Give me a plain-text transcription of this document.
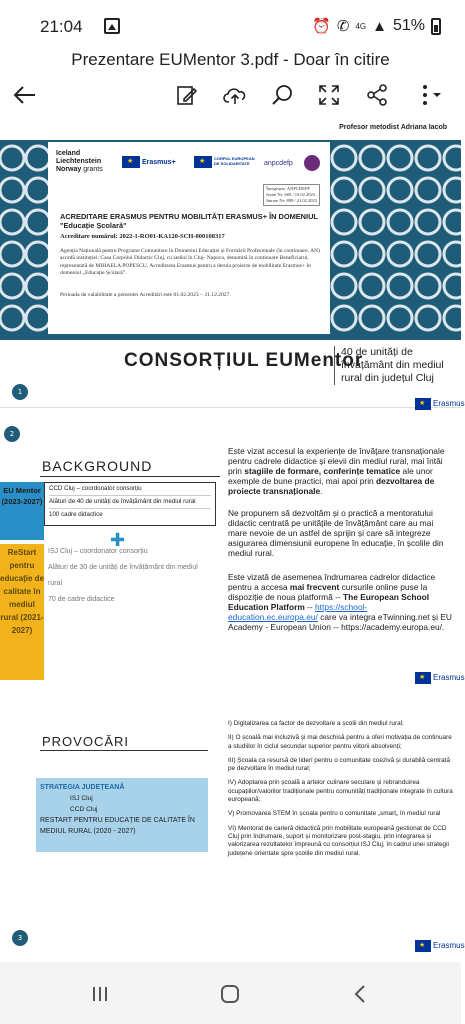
21:04	⏰ ✆ 4G ▲ 51%
Prezentare EUMentor 3.pdf - Doar în citire
Profesor metodist Adriana Iacob
Iceland
Liechtenstein
Norway grants
★
Erasmus+
★
CORPUL EUROPEAN DE SOLIDARITATE	anpcdefp
Înregistrat: ANPCDEFP
Ieșire Nr: 669 / 10.02.2023
Intrare Nr: 889 / 21.02.2023
ACREDITARE ERASMUS PENTRU MOBILITĂȚI ERASMUS+ ÎN DOMENIUL "Educație Școlară"
Acreditare numărul: 2022-1-RO01-KA120-SCH-000108317
Agenția Națională pentru Programe Comunitare în Domeniul Educației și Formării Profesionale (în continuare, AN) acordă instituției: Casa Corpului Didactic Cluj, cu sediul în Cluj- Napoca, denumită în continuare Beneficiarul, reprezentată de MIHAELA POPESCU, Acreditarea Erasmus pentru a derula proiecte de mobilitate Erasmus+ în domeniul „Educație Școlară”.
Perioada de valabilitate a prezentei Acreditări este 01.02.2023 – 31.12.2027.
CONSORȚIUL EUMentor
40 de unități de învățământ din mediul rural din județul Cluj
1
★
Erasmus
2
BACKGROUND
EU Mentor (2023-2027)
CCD Cluj – coordonator consorțiu
Alături de 40 de unități de învățământ din mediul rural
100 cadre didactice
✚
ReStart pentru educație de calitate în mediul rural (2021-2027)
ISJ Cluj – coordonator consorțiu
Alături de 30 de unități de învățământ din mediul rural
70 de cadre didactice
Este vizat accesul la experiențe de învățare transnaționale pentru cadrele didactice și elevii din mediul rural, mai întâi prin stagiile de formare, conferințe tematice ale unor exemple de bune practici, mai apoi prin dezvoltarea de proiecte transnaționale.
Ne propunem să dezvoltăm și o practică a mentoratului didactic centrată pe unitățile de învățământ care au mai mare nevoie de un astfel de sprijin și care să integreze asigurarea dimensiunii europene în educație, în școlile din mediul rural.
Este vizată de asemenea îndrumarea cadrelor didactice pentru a accesa mai frecvent cursurile online puse la dispoziție de noua platformă -- The European School Education Platform -- https://school-education.ec.europa.eu/ care va integra eTwinning.net și EU Academy - European Union -- https://academy.europa.eu/.
★
Erasmus
PROVOCĂRI
STRATEGIA JUDEȚEANĂ
ISJ Cluj
CCD Cluj
RESTART PENTRU EDUCAȚIE DE CALITATE ÎN MEDIUL RURAL (2020 - 2027)

I) Digitalizarea ca factor de dezvoltare a școlii din mediul rural;

II) O școală mai incluzivă și mai deschisă pentru a oferi motivația de continuare a studiilor în ciclul secundar superior pentru viitorii absolvenți;

III) Școala ca resursă de lideri pentru o comunitate coezivă și durabilă centrată pe dezvoltare în mediul rural;

IV) Adoptarea prin școală a artelor culinare seculare și rebranduirea ocupațiilor/valorilor tradiționale pentru comunități tradiționale integrate în cultura europeană;

V) Promovarea STEM în școala pentru o comunitate „smart„ în mediul rural

VI) Mentorat de carieră didactică prin mobilitate europeană gestionat de CCD Cluj prin îndrumare, suport și monitorizare post-stagiu, prin integrarea și valorizarea rezultatelor împreună cu consorțiul ISJ Cluj, în cadrul unei strategii județene orientate spre școlile din mediul rural.

3
★
Erasmus
